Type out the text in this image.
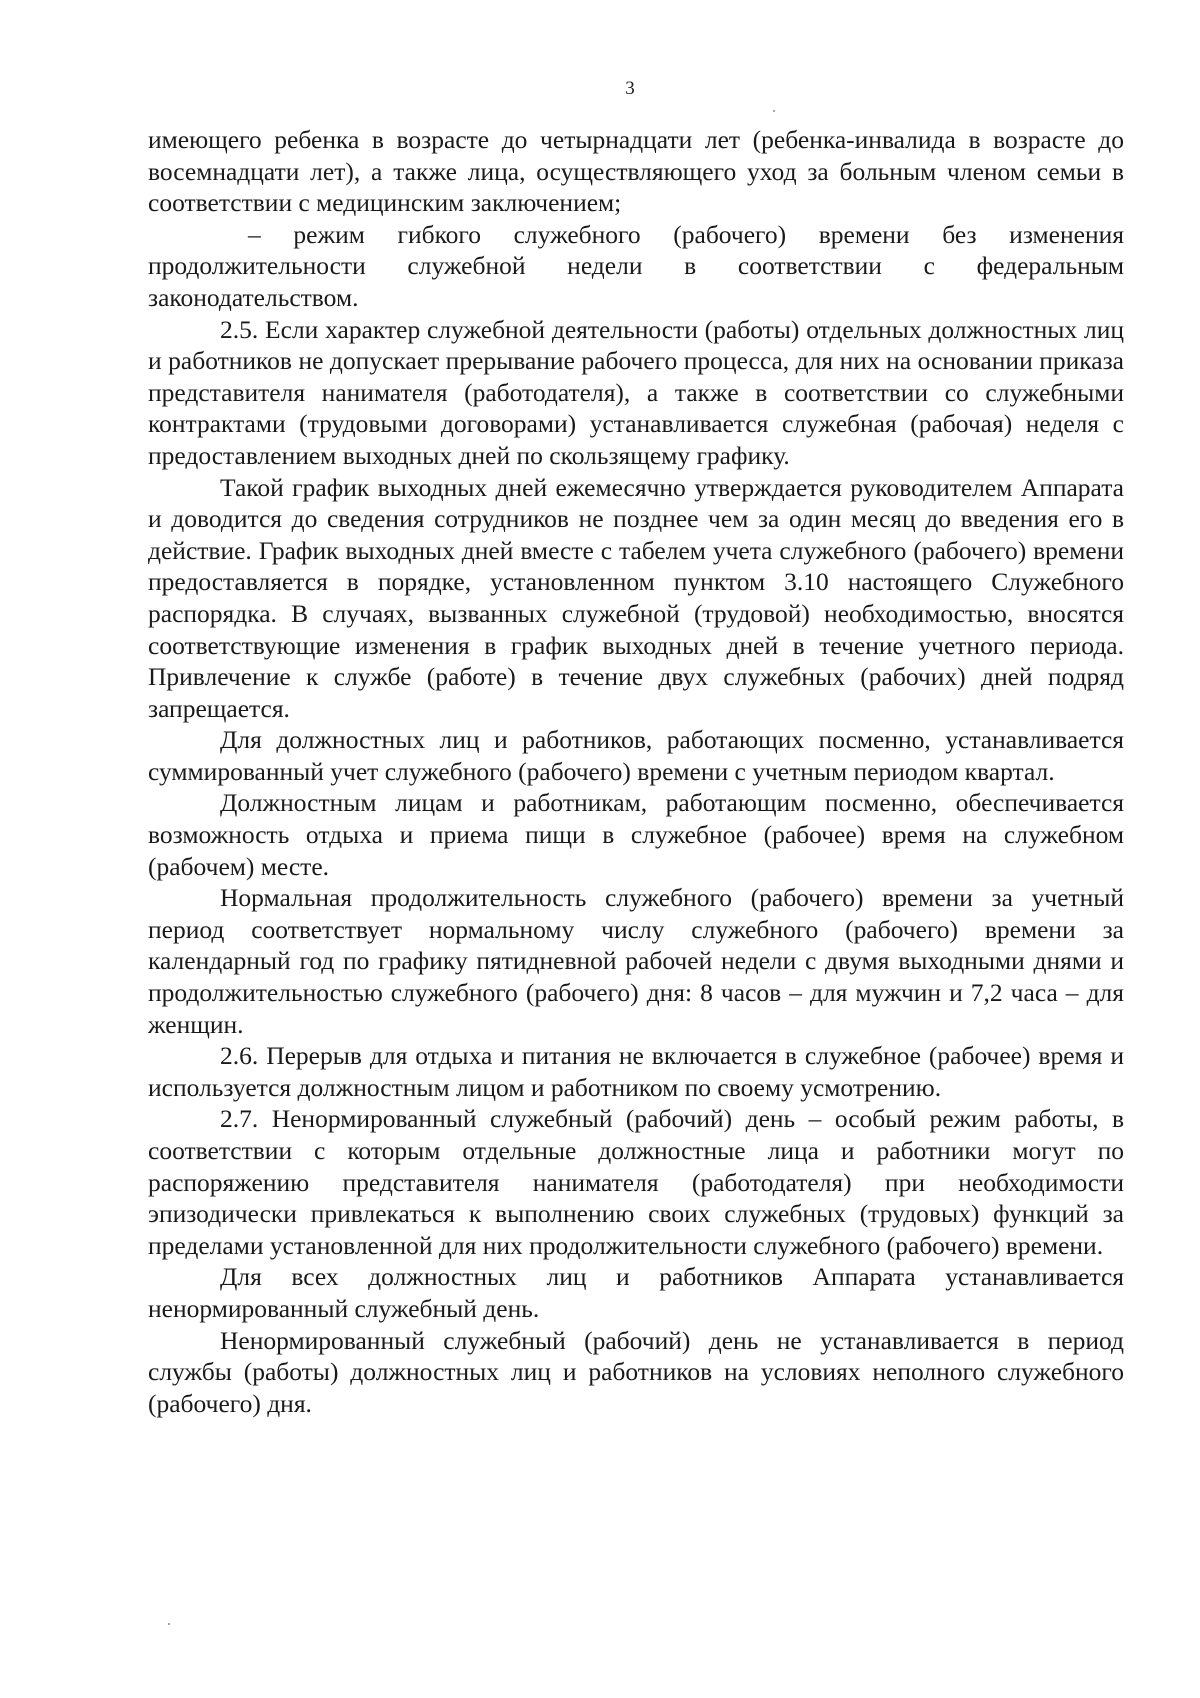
3

имеющего ребенка в возрасте до четырнадцати лет (ребенка-инвалида в возрасте до восемнадцати лет), а также лица, осуществляющего уход за больным членом семьи в соответствии с медицинским заключением;

– режим гибкого служебного (рабочего) времени без изменения продолжительности служебной недели в соответствии с федеральным законодательством.

2.5. Если характер служебной деятельности (работы) отдельных должностных лиц и работников не допускает прерывание рабочего процесса, для них на основании приказа представителя нанимателя (работодателя), а также в соответствии со служебными контрактами (трудовыми договорами) устанавливается служебная (рабочая) неделя с предоставлением выходных дней по скользящему графику.

Такой график выходных дней ежемесячно утверждается руководителем Аппарата и доводится до сведения сотрудников не позднее чем за один месяц до введения его в действие. График выходных дней вместе с табелем учета служебного (рабочего) времени предоставляется в порядке, установленном пунктом 3.10 настоящего Служебного распорядка. В случаях, вызванных служебной (трудовой) необходимостью, вносятся соответствующие изменения в график выходных дней в течение учетного периода. Привлечение к службе (работе) в течение двух служебных (рабочих) дней подряд запрещается.

Для должностных лиц и работников, работающих посменно, устанавливается суммированный учет служебного (рабочего) времени с учетным периодом квартал.

Должностным лицам и работникам, работающим посменно, обеспечивается возможность отдыха и приема пищи в служебное (рабочее) время на служебном (рабочем) месте.

Нормальная продолжительность служебного (рабочего) времени за учетный период соответствует нормальному числу служебного (рабочего) времени за календарный год по графику пятидневной рабочей недели с двумя выходными днями и продолжительностью служебного (рабочего) дня: 8 часов – для мужчин и 7,2 часа – для женщин.

2.6. Перерыв для отдыха и питания не включается в служебное (рабочее) время и используется должностным лицом и работником по своему усмотрению.

2.7. Ненормированный служебный (рабочий) день – особый режим работы, в соответствии с которым отдельные должностные лица и работники могут по распоряжению представителя нанимателя (работодателя) при необходимости эпизодически привлекаться к выполнению своих служебных (трудовых) функций за пределами установленной для них продолжительности служебного (рабочего) времени.

Для всех должностных лиц и работников Аппарата устанавливается ненормированный служебный день.

Ненормированный служебный (рабочий) день не устанавливается в период службы (работы) должностных лиц и работников на условиях неполного служебного (рабочего) дня.
